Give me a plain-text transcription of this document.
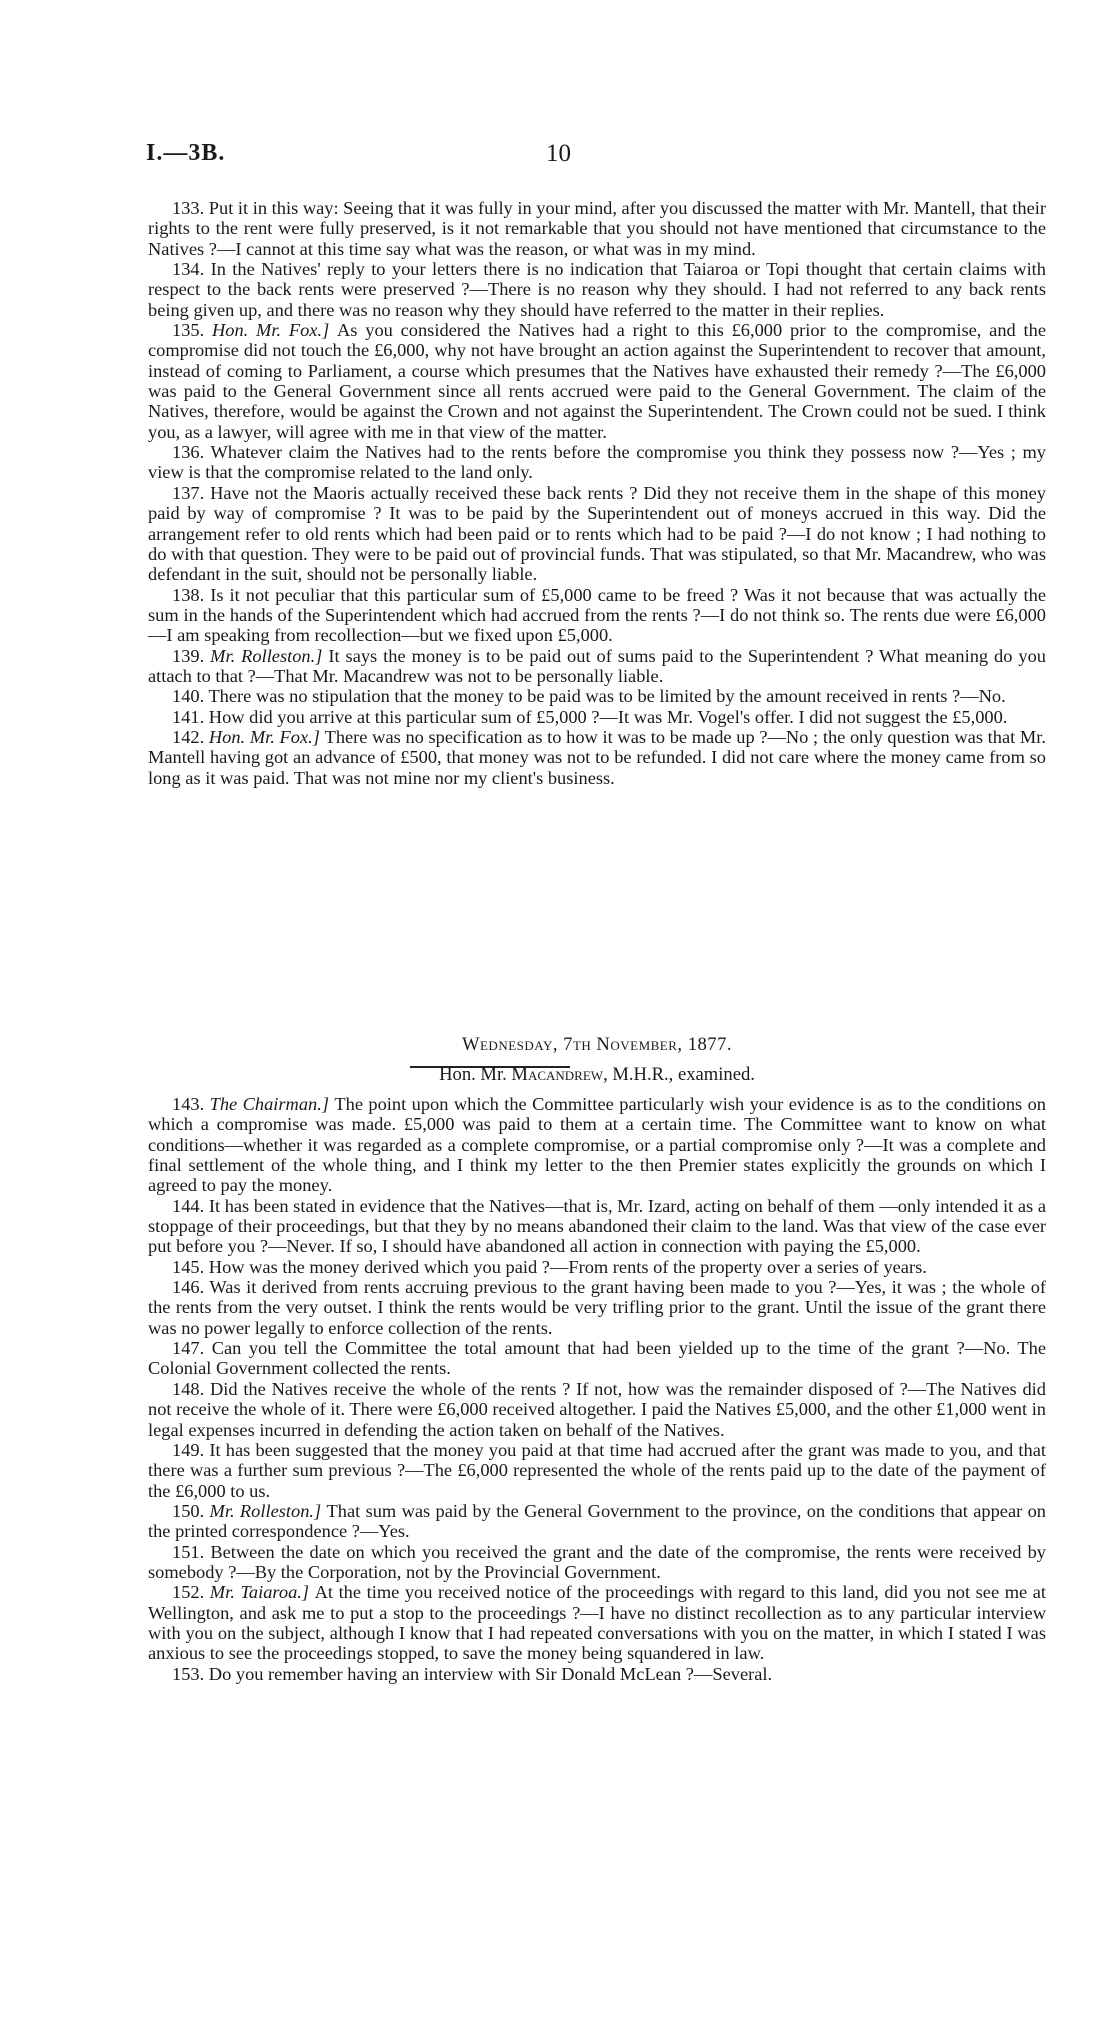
I.—3B.	10

133. Put it in this way: Seeing that it was fully in your mind, after you discussed the matter with Mr. Mantell, that their rights to the rent were fully preserved, is it not remarkable that you should not have mentioned that circumstance to the Natives ?—I cannot at this time say what was the reason, or what was in my mind.

134. In the Natives' reply to your letters there is no indication that Taiaroa or Topi thought that certain claims with respect to the back rents were preserved ?—There is no reason why they should. I had not referred to any back rents being given up, and there was no reason why they should have referred to the matter in their replies.

135. Hon. Mr. Fox.] As you considered the Natives had a right to this £6,000 prior to the compromise, and the compromise did not touch the £6,000, why not have brought an action against the Superintendent to recover that amount, instead of coming to Parliament, a course which presumes that the Natives have exhausted their remedy ?—The £6,000 was paid to the General Government since all rents accrued were paid to the General Government. The claim of the Natives, therefore, would be against the Crown and not against the Superintendent. The Crown could not be sued. I think you, as a lawyer, will agree with me in that view of the matter.

136. Whatever claim the Natives had to the rents before the compromise you think they possess now ?—Yes ; my view is that the compromise related to the land only.

137. Have not the Maoris actually received these back rents ? Did they not receive them in the shape of this money paid by way of compromise ? It was to be paid by the Superintendent out of moneys accrued in this way. Did the arrangement refer to old rents which had been paid or to rents which had to be paid ?—I do not know ; I had nothing to do with that question. They were to be paid out of provincial funds. That was stipulated, so that Mr. Macandrew, who was defendant in the suit, should not be personally liable.

138. Is it not peculiar that this particular sum of £5,000 came to be freed ? Was it not because that was actually the sum in the hands of the Superintendent which had accrued from the rents ?—I do not think so. The rents due were £6,000—I am speaking from recollection—but we fixed upon £5,000.

139. Mr. Rolleston.] It says the money is to be paid out of sums paid to the Superintendent ? What meaning do you attach to that ?—That Mr. Macandrew was not to be personally liable.

140. There was no stipulation that the money to be paid was to be limited by the amount received in rents ?—No.

141. How did you arrive at this particular sum of £5,000 ?—It was Mr. Vogel's offer. I did not suggest the £5,000.

142. Hon. Mr. Fox.] There was no specification as to how it was to be made up ?—No ; the only question was that Mr. Mantell having got an advance of £500, that money was not to be refunded. I did not care where the money came from so long as it was paid. That was not mine nor my client's business.

Wednesday, 7th November, 1877.
Hon. Mr. Macandrew, M.H.R., examined.

143. The Chairman.] The point upon which the Committee particularly wish your evidence is as to the conditions on which a compromise was made. £5,000 was paid to them at a certain time. The Committee want to know on what conditions—whether it was regarded as a complete compromise, or a partial compromise only ?—It was a complete and final settlement of the whole thing, and I think my letter to the then Premier states explicitly the grounds on which I agreed to pay the money.

144. It has been stated in evidence that the Natives—that is, Mr. Izard, acting on behalf of them —only intended it as a stoppage of their proceedings, but that they by no means abandoned their claim to the land. Was that view of the case ever put before you ?—Never. If so, I should have abandoned all action in connection with paying the £5,000.

145. How was the money derived which you paid ?—From rents of the property over a series of years.

146. Was it derived from rents accruing previous to the grant having been made to you ?—Yes, it was ; the whole of the rents from the very outset. I think the rents would be very trifling prior to the grant. Until the issue of the grant there was no power legally to enforce collection of the rents.

147. Can you tell the Committee the total amount that had been yielded up to the time of the grant ?—No. The Colonial Government collected the rents.

148. Did the Natives receive the whole of the rents ? If not, how was the remainder disposed of ?—The Natives did not receive the whole of it. There were £6,000 received altogether. I paid the Natives £5,000, and the other £1,000 went in legal expenses incurred in defending the action taken on behalf of the Natives.

149. It has been suggested that the money you paid at that time had accrued after the grant was made to you, and that there was a further sum previous ?—The £6,000 represented the whole of the rents paid up to the date of the payment of the £6,000 to us.

150. Mr. Rolleston.] That sum was paid by the General Government to the province, on the conditions that appear on the printed correspondence ?—Yes.

151. Between the date on which you received the grant and the date of the compromise, the rents were received by somebody ?—By the Corporation, not by the Provincial Government.

152. Mr. Taiaroa.] At the time you received notice of the proceedings with regard to this land, did you not see me at Wellington, and ask me to put a stop to the proceedings ?—I have no distinct recollection as to any particular interview with you on the subject, although I know that I had repeated conversations with you on the matter, in which I stated I was anxious to see the proceedings stopped, to save the money being squandered in law.

153. Do you remember having an interview with Sir Donald McLean ?—Several.
